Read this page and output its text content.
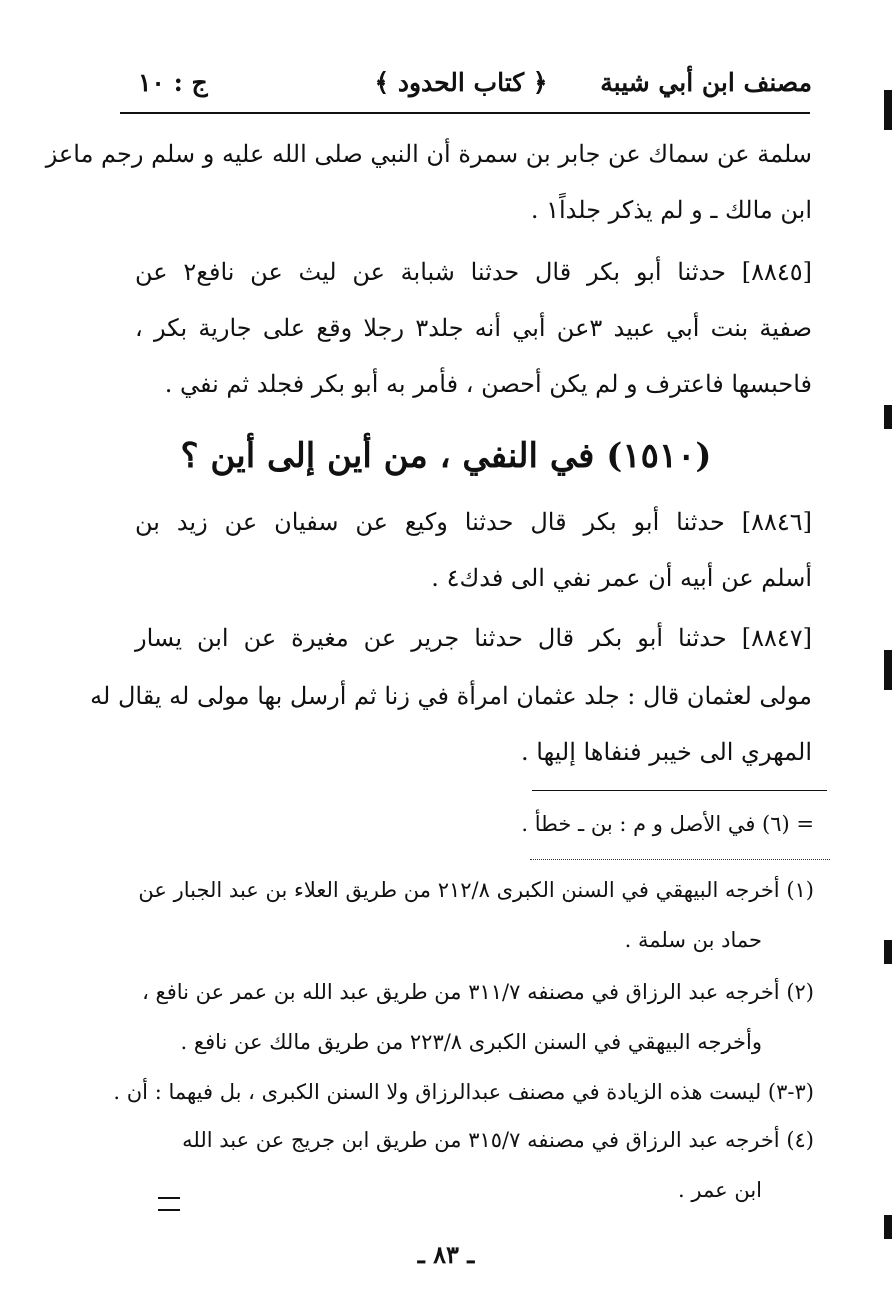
مصنف ابن أبي شيبة
﴿ كتاب الحدود ﴾
ج : ١٠
سلمة عن سماك عن جابر بن سمرة أن النبي صلى الله عليه و سلم رجم ماعز
ابن مالك ـ و لم يذكر جلداً١ .
[٨٨٤٥] حدثنا أبو بكر قال حدثنا شبابة عن ليث عن نافع٢ عن
صفية بنت أبي عبيد ٣عن أبي أنه جلد٣ رجلا وقع على جارية بكر ،
فاحبسها فاعترف و لم يكن أحصن ، فأمر به أبو بكر فجلد ثم نفي .
(١٥١٠) في النفي ، من أين إلى أين ؟
[٨٨٤٦] حدثنا أبو بكر قال حدثنا وكيع عن سفيان عن زيد بن
أسلم عن أبيه أن عمر نفي الى فدك٤ .
[٨٨٤٧] حدثنا أبو بكر قال حدثنا جرير عن مغيرة عن ابن يسار
مولى لعثمان قال : جلد عثمان امرأة في زنا ثم أرسل بها مولى له يقال له
المهري الى خيبر فنفاها إليها .
= (٦) في الأصل و م : بن ـ خطأ .
(١) أخرجه البيهقي في السنن الكبرى ٢١٢/٨ من طريق العلاء بن عبد الجبار عن
حماد بن سلمة .
(٢) أخرجه عبد الرزاق في مصنفه ٣١١/٧ من طريق عبد الله بن عمر عن نافع ،
وأخرجه البيهقي في السنن الكبرى ٢٢٣/٨ من طريق مالك عن نافع .
(٣-٣) ليست هذه الزيادة في مصنف عبدالرزاق ولا السنن الكبرى ، بل فيهما : أن .
(٤) أخرجه عبد الرزاق في مصنفه ٣١٥/٧ من طريق ابن جريج عن عبد الله
ابن عمر .
ـ ٨٣ ـ
